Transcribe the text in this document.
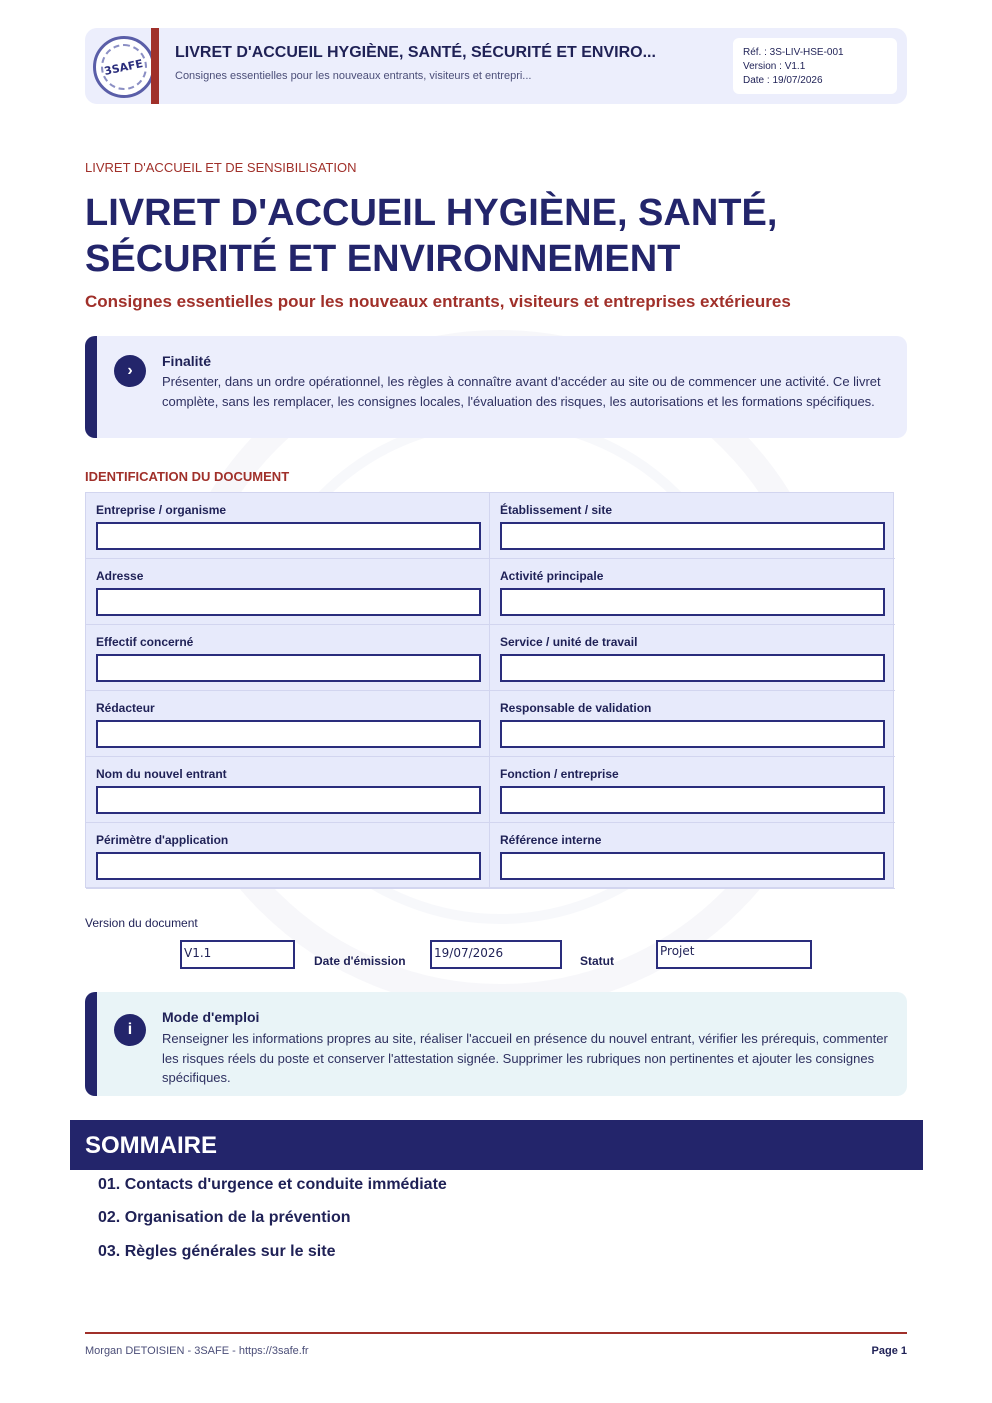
3SAFE
LIVRET D'ACCUEIL HYGIÈNE, SANTÉ, SÉCURITÉ ET ENVIRO...
Consignes essentielles pour les nouveaux entrants, visiteurs et entrepri...
Réf. : 3S-LIV-HSE-001
Version : V1.1
Date : 19/07/2026
LIVRET D'ACCUEIL ET DE SENSIBILISATION
LIVRET D'ACCUEIL HYGIÈNE, SANTÉ, SÉCURITÉ ET ENVIRONNEMENT
Consignes essentielles pour les nouveaux entrants, visiteurs et entreprises extérieures
›
Finalité
Présenter, dans un ordre opérationnel, les règles à connaître avant d'accéder au site ou de commencer une activité. Ce livret complète, sans les remplacer, les consignes locales, l'évaluation des risques, les autorisations et les formations spécifiques.
IDENTIFICATION DU DOCUMENT
Entreprise / organisme	Établissement / site
Adresse	Activité principale
Effectif concerné	Service / unité de travail
Rédacteur	Responsable de validation
Nom du nouvel entrant	Fonction / entreprise
Périmètre d'application	Référence interne
Version du document
V1.1
Date d'émission
19/07/2026
Statut
Projet
i
Mode d'emploi
Renseigner les informations propres au site, réaliser l'accueil en présence du nouvel entrant, vérifier les prérequis, commenter les risques réels du poste et conserver l'attestation signée. Supprimer les rubriques non pertinentes et ajouter les consignes spécifiques.
SOMMAIRE
01. Contacts d'urgence et conduite immédiate
02. Organisation de la prévention
03. Règles générales sur le site
Morgan DETOISIEN - 3SAFE - https://3safe.fr	Page 1
